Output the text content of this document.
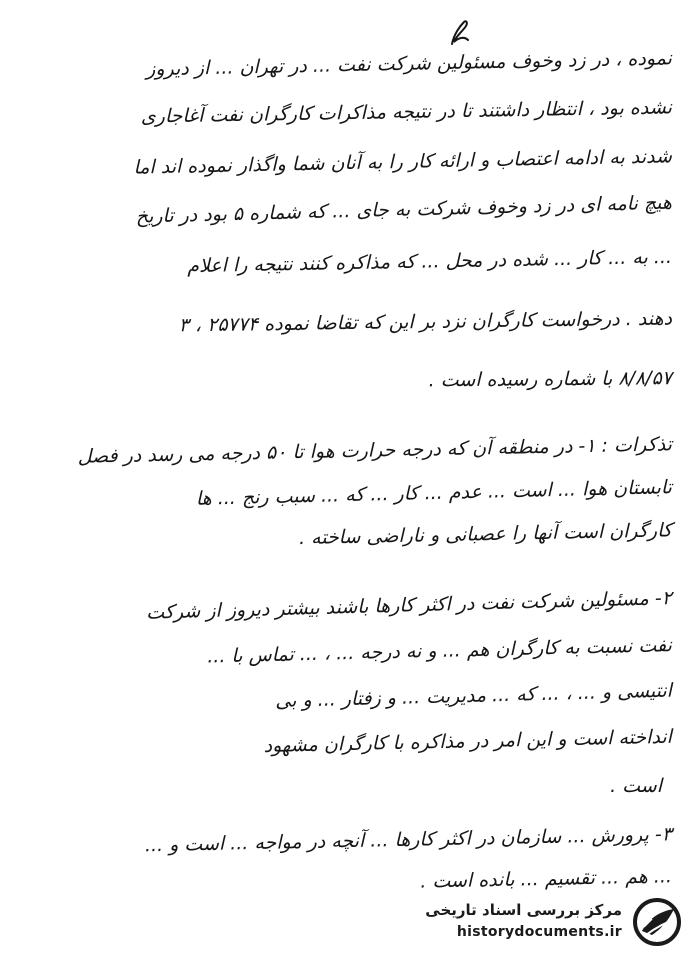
نموده ، در زد وخوف مسئولین شرکت نفت ... در تهران ... از دیروز
نشده بود ، انتظار داشتند تا در نتیجه مذاکرات کارگران نفت آغاجاری
شدند به ادامه اعتصاب و ارائه کار را به آنان شما واگذار نموده اند اما
هیچ نامه ای در زد وخوف شرکت به جای ... که شماره ۵ بود در تاریخ
... به ... کار ... شده در محل ... که مذاکره کنند نتیجه را اعلام
دهند . درخواست کارگران نزد بر این که تقاضا نموده ۲۵۷۷۴ ، ۳
۸/۸/۵۷ با شماره رسیده است .
تذکرات : ۱- در منطقه آن که درجه حرارت هوا تا ۵۰ درجه می رسد در فصل
تابستان هوا ... است ... عدم ... کار ... که ... سبب رنج ... ها
کارگران است آنها را عصبانی و ناراضی ساخته .
۲- مسئولین شرکت نفت در اکثر کارها باشند بیشتر دیروز از شرکت
نفت نسبت به کارگران هم ... و نه درجه ... ، ... تماس با ...
انتیسی و ... ، ... که ... مدیریت ... و زفتار ... و بی
انداخته است و این امر در مذاکره با کارگران مشهود
است .
۳- پرورش ... سازمان در اکثر کارها ... آنچه در مواجه ... است و ...
... هم ... تقسیم ... بانده است .
مرکز بررسی اسناد تاریخی
historydocuments.ir
